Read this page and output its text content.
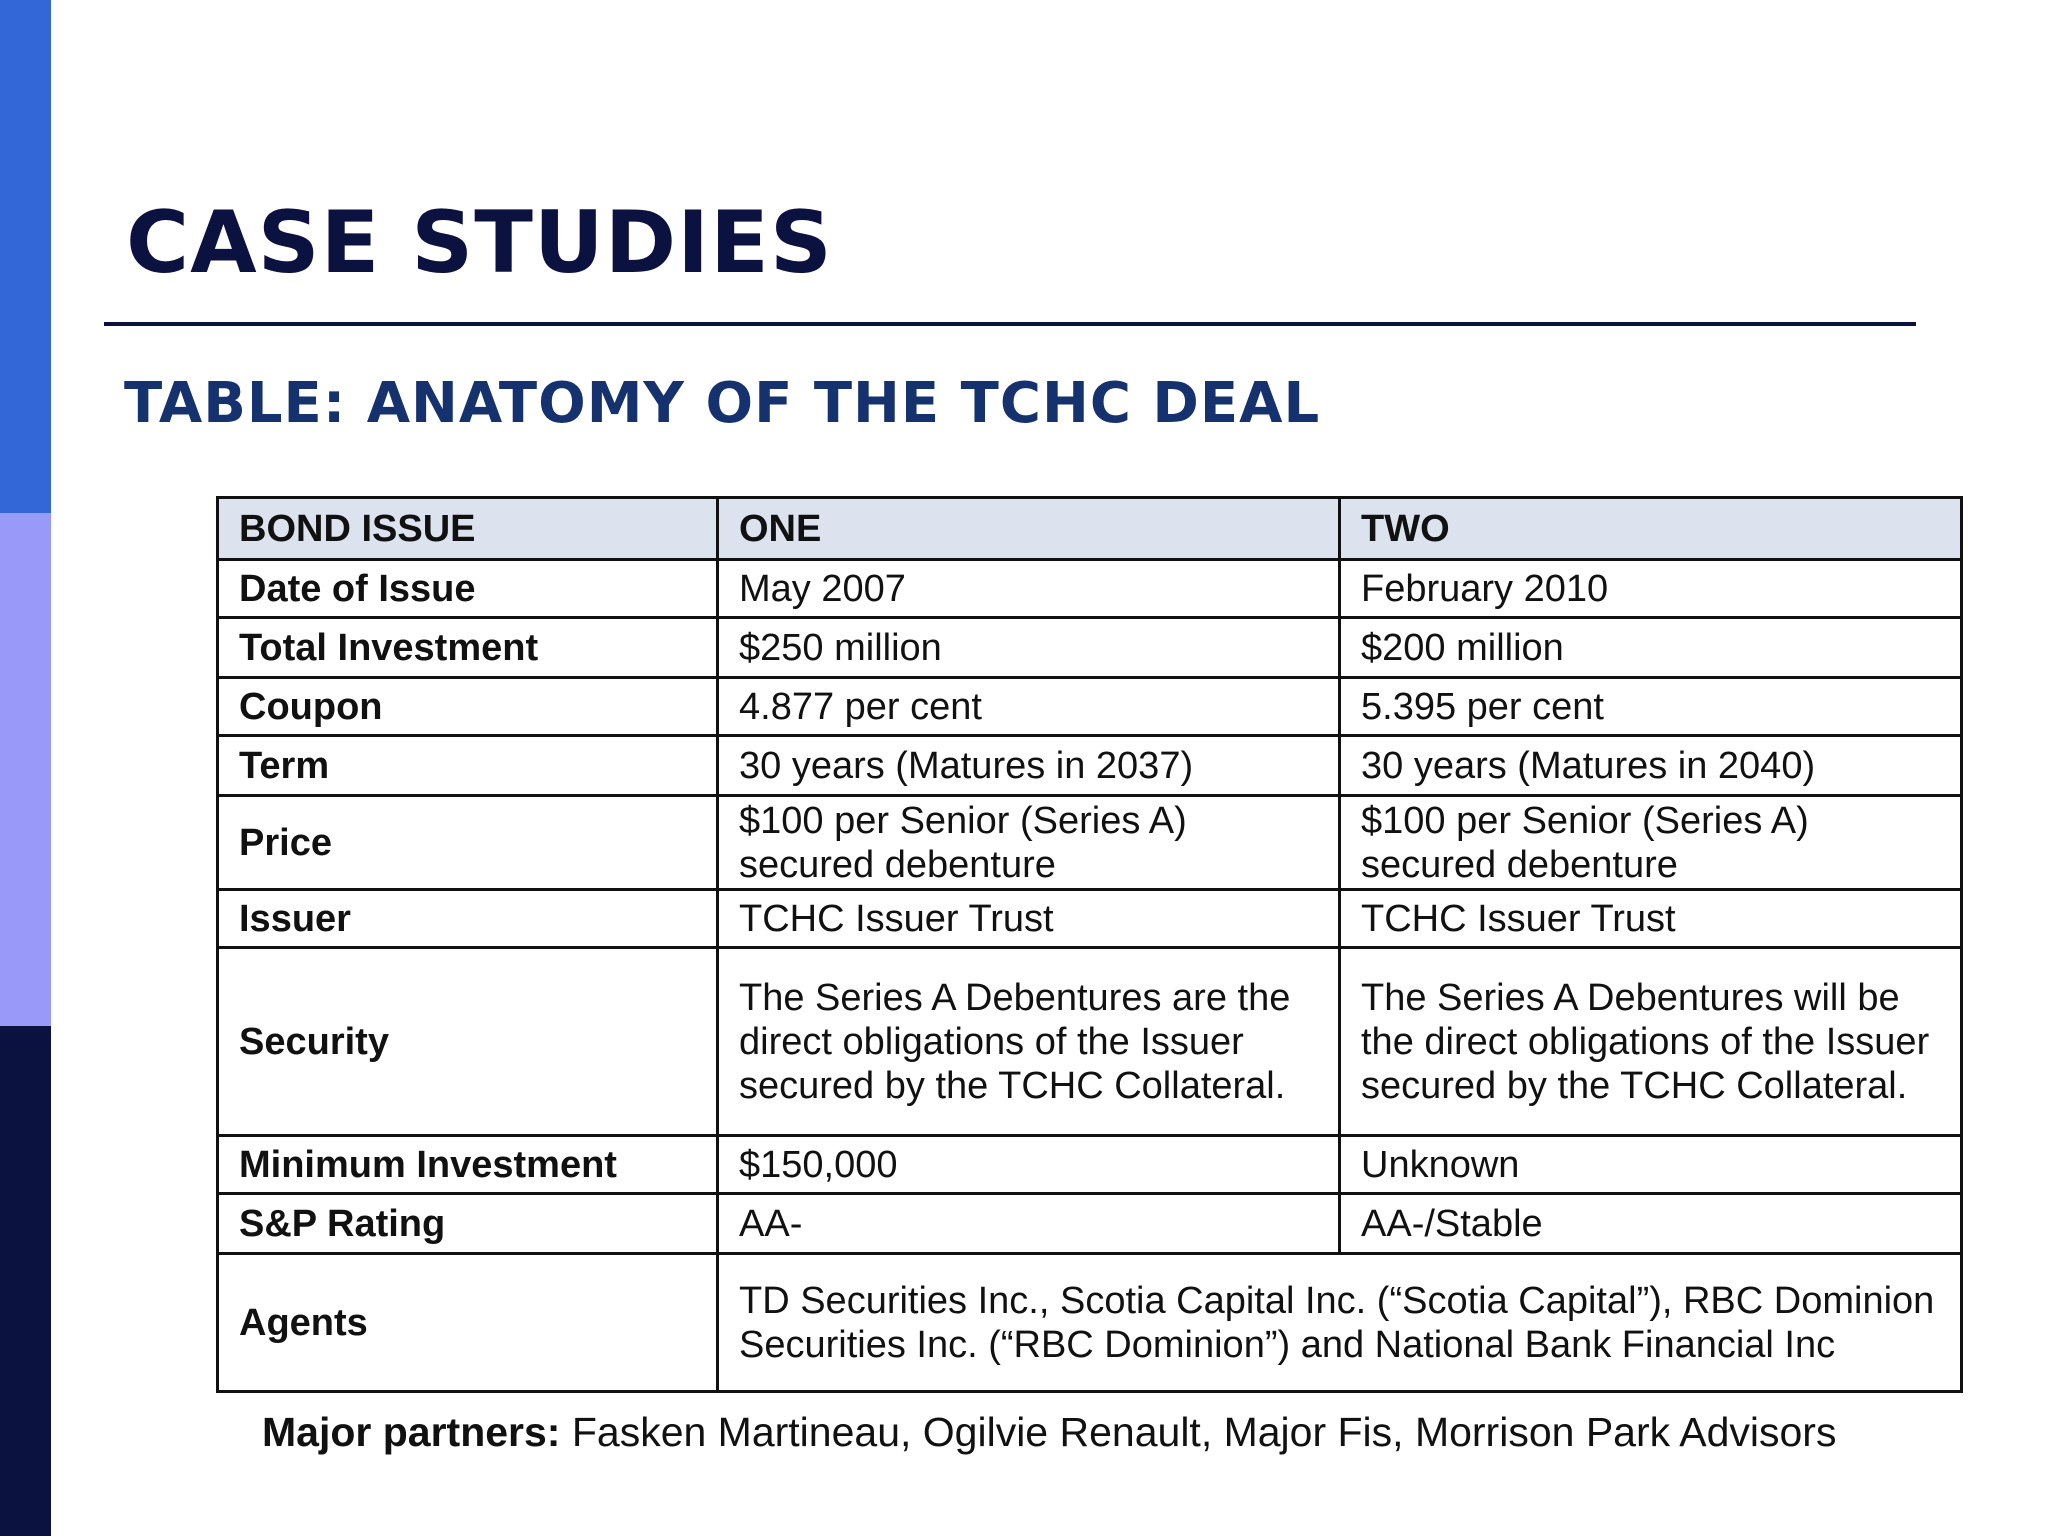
CASE STUDIES
TABLE: ANATOMY OF THE TCHC DEAL
BOND ISSUE	ONE	TWO
Date of Issue	May 2007	February 2010
Total Investment	$250 million	$200 million
Coupon	4.877 per cent	5.395 per cent
Term	30 years (Matures in 2037)	30 years (Matures in 2040)
Price	$100 per Senior (Series A) secured debenture	$100 per Senior (Series A) secured debenture
Issuer	TCHC Issuer Trust	TCHC Issuer Trust
Security	The Series A Debentures are the direct obligations of the Issuer secured by the TCHC Collateral.	The Series A Debentures will be the direct obligations of the Issuer secured by the TCHC Collateral.
Minimum Investment	$150,000	Unknown
S&P Rating	AA-	AA-/Stable
Agents	TD Securities Inc., Scotia Capital Inc. (“Scotia Capital”), RBC Dominion Securities Inc. (“RBC Dominion”) and National Bank Financial Inc	

Major partners: Fasken Martineau, Ogilvie Renault, Major Fis, Morrison Park Advisors
